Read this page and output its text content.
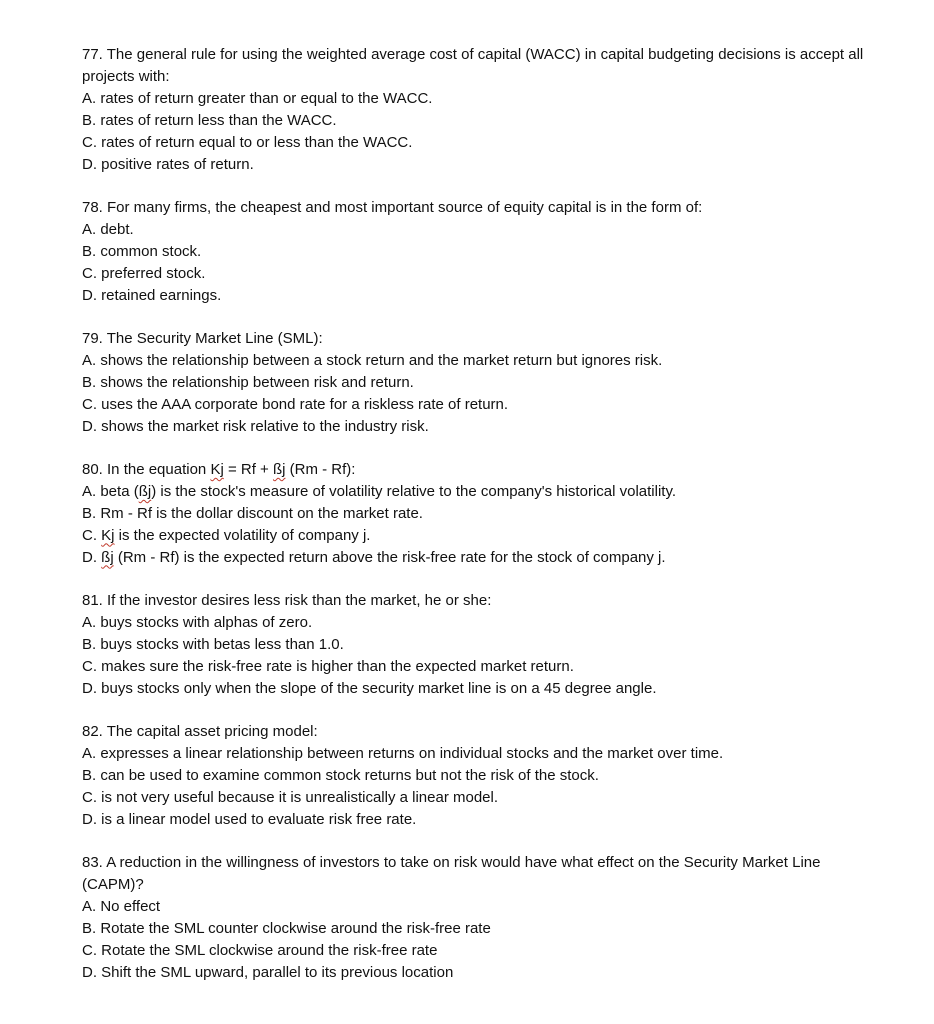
77. The general rule for using the weighted average cost of capital (WACC) in capital budgeting decisions is accept all projects with:

A. rates of return greater than or equal to the WACC.

B. rates of return less than the WACC.

C. rates of return equal to or less than the WACC.

D. positive rates of return.

78. For many firms, the cheapest and most important source of equity capital is in the form of:

A. debt.

B. common stock.

C. preferred stock.

D. retained earnings.

79. The Security Market Line (SML):

A. shows the relationship between a stock return and the market return but ignores risk.

B. shows the relationship between risk and return.

C. uses the AAA corporate bond rate for a riskless rate of return.

D. shows the market risk relative to the industry risk.

80. In the equation Kj = Rf + ßj (Rm - Rf):

A. beta (ßj) is the stock's measure of volatility relative to the company's historical volatility.

B. Rm - Rf is the dollar discount on the market rate.

C. Kj is the expected volatility of company j.

D. ßj (Rm - Rf) is the expected return above the risk-free rate for the stock of company j.

81. If the investor desires less risk than the market, he or she:

A. buys stocks with alphas of zero.

B. buys stocks with betas less than 1.0.

C. makes sure the risk-free rate is higher than the expected market return.

D. buys stocks only when the slope of the security market line is on a 45 degree angle.

82. The capital asset pricing model:

A. expresses a linear relationship between returns on individual stocks and the market over time.

B. can be used to examine common stock returns but not the risk of the stock.

C. is not very useful because it is unrealistically a linear model.

D. is a linear model used to evaluate risk free rate.

83. A reduction in the willingness of investors to take on risk would have what effect on the Security Market Line (CAPM)?

A. No effect

B. Rotate the SML counter clockwise around the risk-free rate

C. Rotate the SML clockwise around the risk-free rate

D. Shift the SML upward, parallel to its previous location
